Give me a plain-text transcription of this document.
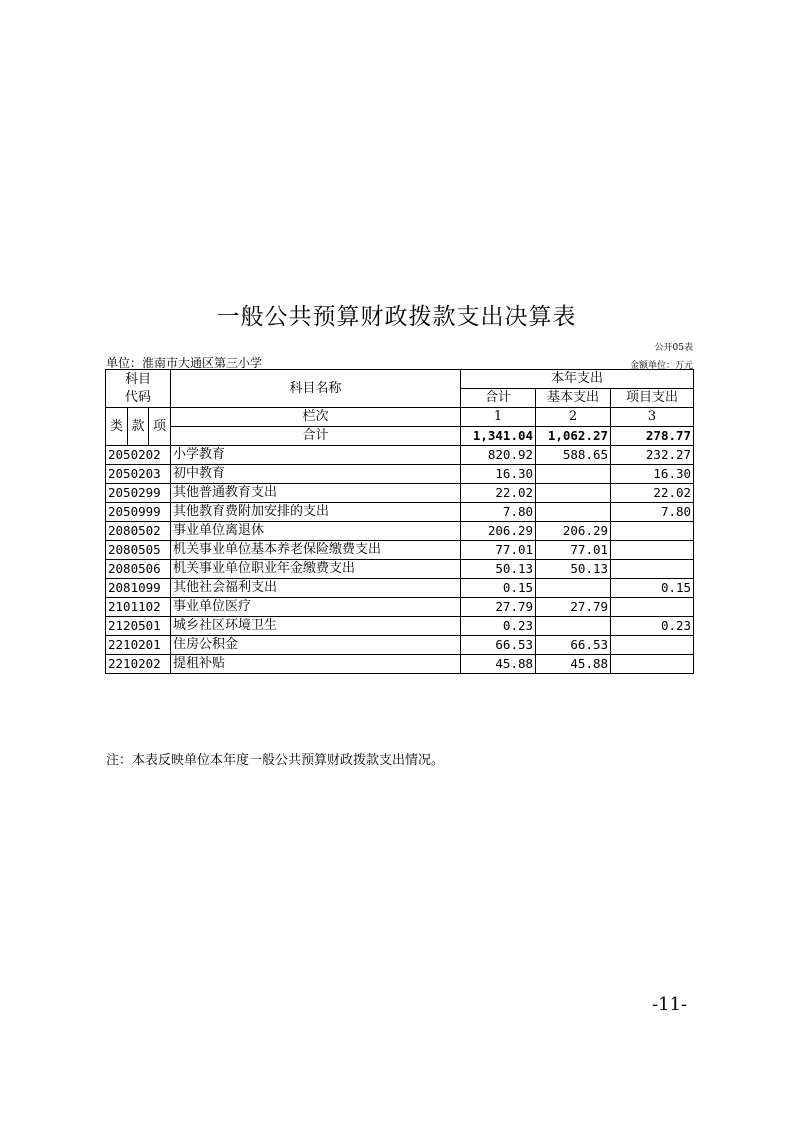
一般公共预算财政拨款支出决算表
公开05表
单位：淮南市大通区第三小学	金额单位：万元
科目
代码			科目名称	本年支出		
				合计	基本支出	项目支出
类	款	项	栏次	1	2	3
			合计	1,341.04	1,062.27	278.77
2050202			小学教育	820.92	588.65	232.27
2050203			初中教育	16.30		16.30
2050299			其他普通教育支出	22.02		22.02
2050999			其他教育费附加安排的支出	7.80		7.80
2080502			事业单位离退休	206.29	206.29	
2080505			机关事业单位基本养老保险缴费支出	77.01	77.01	
2080506			机关事业单位职业年金缴费支出	50.13	50.13	
2081099			其他社会福利支出	0.15		0.15
2101102			事业单位医疗	27.79	27.79	
2120501			城乡社区环境卫生	0.23		0.23
2210201			住房公积金	66.53	66.53	
2210202			提租补贴	45.88	45.88	
注：本表反映单位本年度一般公共预算财政拨款支出情况。
-11-
